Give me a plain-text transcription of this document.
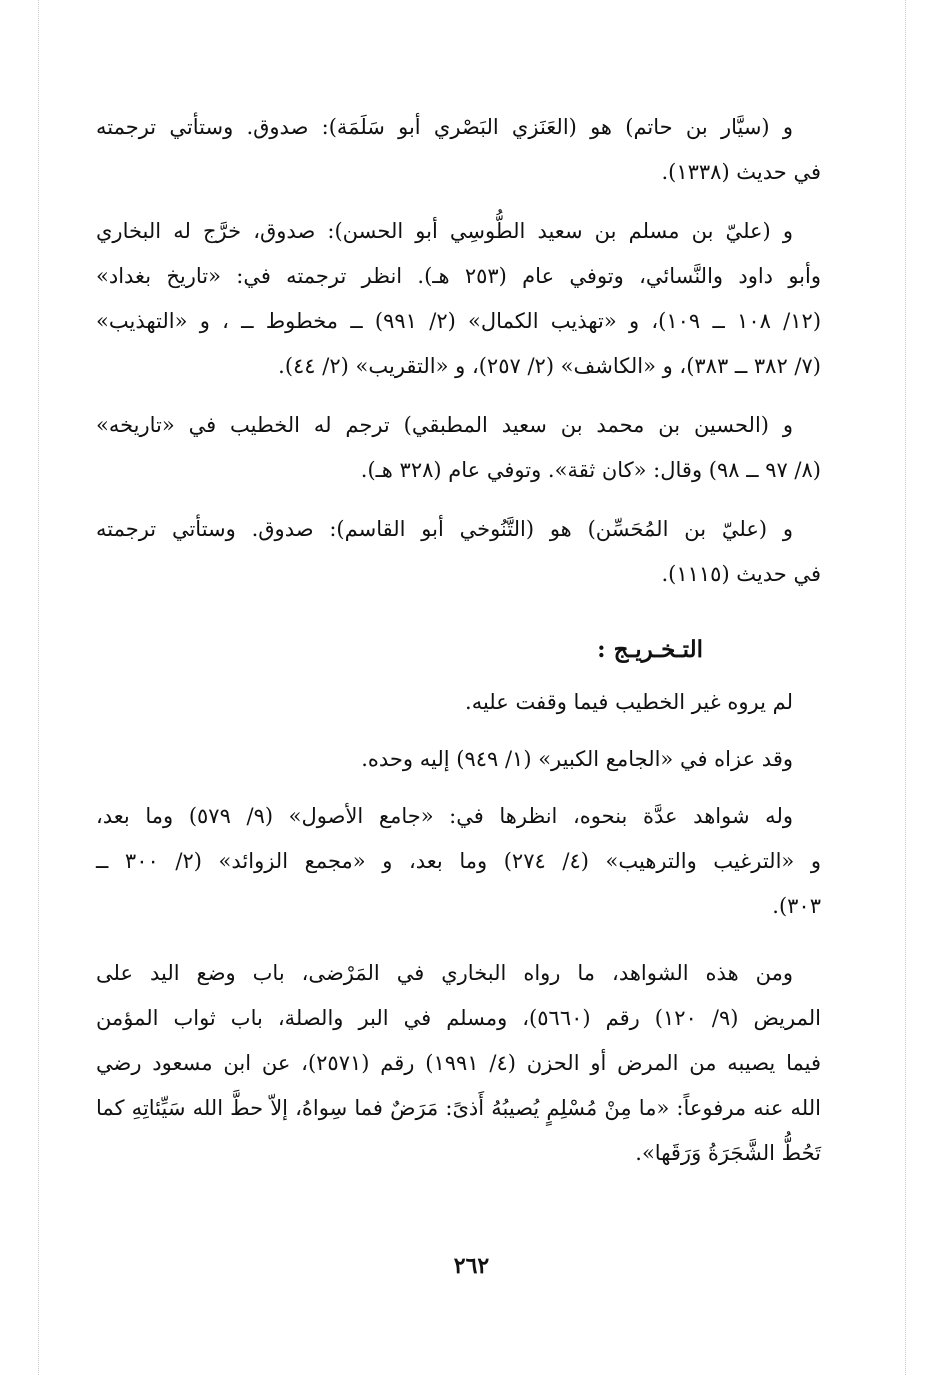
و (سيَّار بن حاتم) هو (العَنَزي البَصْري أبو سَلَمَة): صدوق. وستأتي ترجمته
في حديث (١٣٣٨).
و (عليّ بن مسلم بن سعيد الطُّوسِي أبو الحسن): صدوق، خرَّج له البخاري
وأبو داود والنَّسائي، وتوفي عام (٢٥٣ هـ). انظر ترجمته في: «تاريخ بغداد»
(١٢/ ١٠٨ ــ ١٠٩)، و «تهذيب الكمال» (٢/ ٩٩١) ــ مخطوط ــ ، و «التهذيب»
(٧/ ٣٨٢ ــ ٣٨٣)، و «الكاشف» (٢/ ٢٥٧)، و «التقريب» (٢/ ٤٤).
و (الحسين بن محمد بن سعيد المطبقي) ترجم له الخطيب في «تاريخه»
(٨/ ٩٧ ــ ٩٨) وقال: «كان ثقة». وتوفي عام (٣٢٨ هـ).
و (عليّ بن المُحَسِّن) هو (التَّنُوخي أبو القاسم): صدوق. وستأتي ترجمته
في حديث (١١١٥).
التـخـريـج :
لم يروه غير الخطيب فيما وقفت عليه.
وقد عزاه في «الجامع الكبير» (١/ ٩٤٩) إليه وحده.
وله شواهد عدَّة بنحوه، انظرها في: «جامع الأصول» (٩/ ٥٧٩) وما بعد،
و «الترغيب والترهيب» (٤/ ٢٧٤) وما بعد، و «مجمع الزوائد» (٢/ ٣٠٠ ــ
٣٠٣).
ومن هذه الشواهد، ما رواه البخاري في المَرْضى، باب وضع اليد على
المريض (٩/ ١٢٠) رقم (٥٦٦٠)، ومسلم في البر والصلة، باب ثواب المؤمن
فيما يصيبه من المرض أو الحزن (٤/ ١٩٩١) رقم (٢٥٧١)، عن ابن مسعود رضي
الله عنه مرفوعاً: «ما مِنْ مُسْلِمٍ يُصيبُهُ أَذىً: مَرَضٌ فما سِواهُ، إلاّ حطَّ الله سَيِّئاتِهِ كما
تَحُطُّ الشَّجَرَةُ وَرَقَها».
٢٦٢
